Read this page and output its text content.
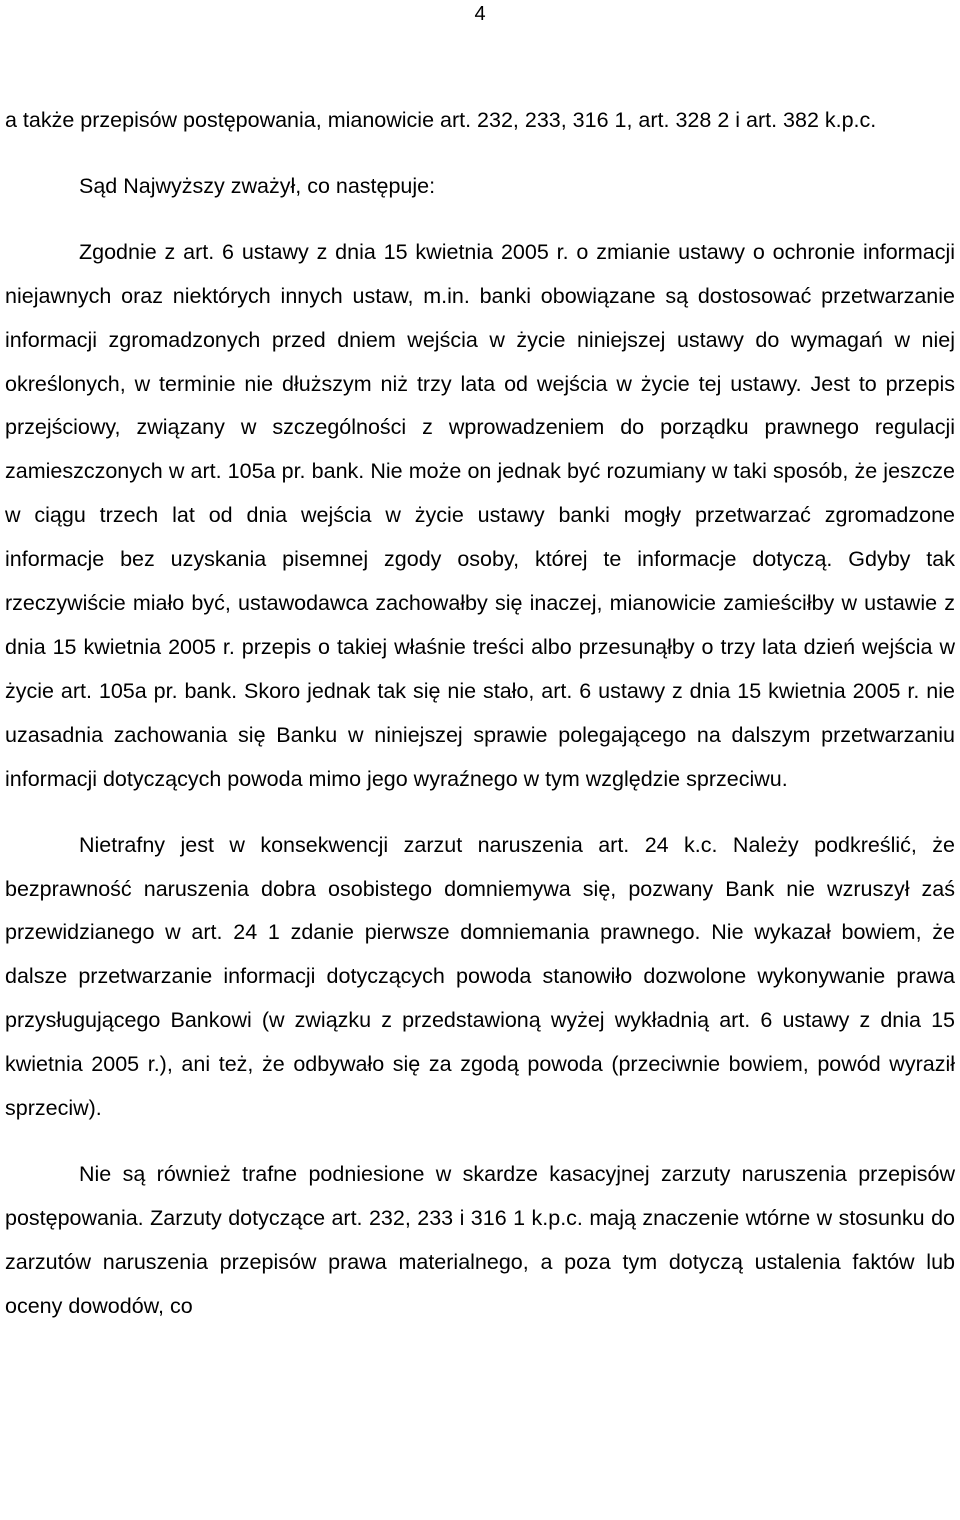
4

a także przepisów postępowania, mianowicie art. 232, 233, 316 1, art. 328 2 i art. 382 k.p.c.

Sąd Najwyższy zważył, co następuje:

Zgodnie z art. 6 ustawy z dnia 15 kwietnia 2005 r. o zmianie ustawy o ochronie informacji niejawnych oraz niektórych innych ustaw, m.in. banki obowiązane są dostosować przetwarzanie informacji zgromadzonych przed dniem wejścia w życie niniejszej ustawy do wymagań w niej określonych, w terminie nie dłuższym niż trzy lata od wejścia w życie tej ustawy. Jest to przepis przejściowy, związany w szczególności z wprowadzeniem do porządku prawnego regulacji zamieszczonych w art. 105a pr. bank. Nie może on jednak być rozumiany w taki sposób, że jeszcze w ciągu trzech lat od dnia wejścia w życie ustawy banki mogły przetwarzać zgromadzone informacje bez uzyskania pisemnej zgody osoby, której te informacje dotyczą. Gdyby tak rzeczywiście miało być, ustawodawca zachowałby się inaczej, mianowicie zamieściłby w ustawie z dnia 15 kwietnia 2005 r. przepis o takiej właśnie treści albo przesunąłby o trzy lata dzień wejścia w życie art. 105a pr. bank. Skoro jednak tak się nie stało, art. 6 ustawy z dnia 15 kwietnia 2005 r. nie uzasadnia zachowania się Banku w niniejszej sprawie polegającego na dalszym przetwarzaniu informacji dotyczących powoda mimo jego wyraźnego w tym względzie sprzeciwu.

Nietrafny jest w konsekwencji zarzut naruszenia art. 24 k.c. Należy podkreślić, że bezprawność naruszenia dobra osobistego domniemywa się, pozwany Bank nie wzruszył zaś przewidzianego w art. 24 1 zdanie pierwsze domniemania prawnego. Nie wykazał bowiem, że dalsze przetwarzanie informacji dotyczących powoda stanowiło dozwolone wykonywanie prawa przysługującego Bankowi (w związku z przedstawioną wyżej wykładnią art. 6 ustawy z dnia 15 kwietnia 2005 r.), ani też, że odbywało się za zgodą powoda (przeciwnie bowiem, powód wyraził sprzeciw).

Nie są również trafne podniesione w skardze kasacyjnej zarzuty naruszenia przepisów postępowania. Zarzuty dotyczące art. 232, 233 i 316 1 k.p.c. mają znaczenie wtórne w stosunku do zarzutów naruszenia przepisów prawa materialnego, a poza tym dotyczą ustalenia faktów lub oceny dowodów, co
